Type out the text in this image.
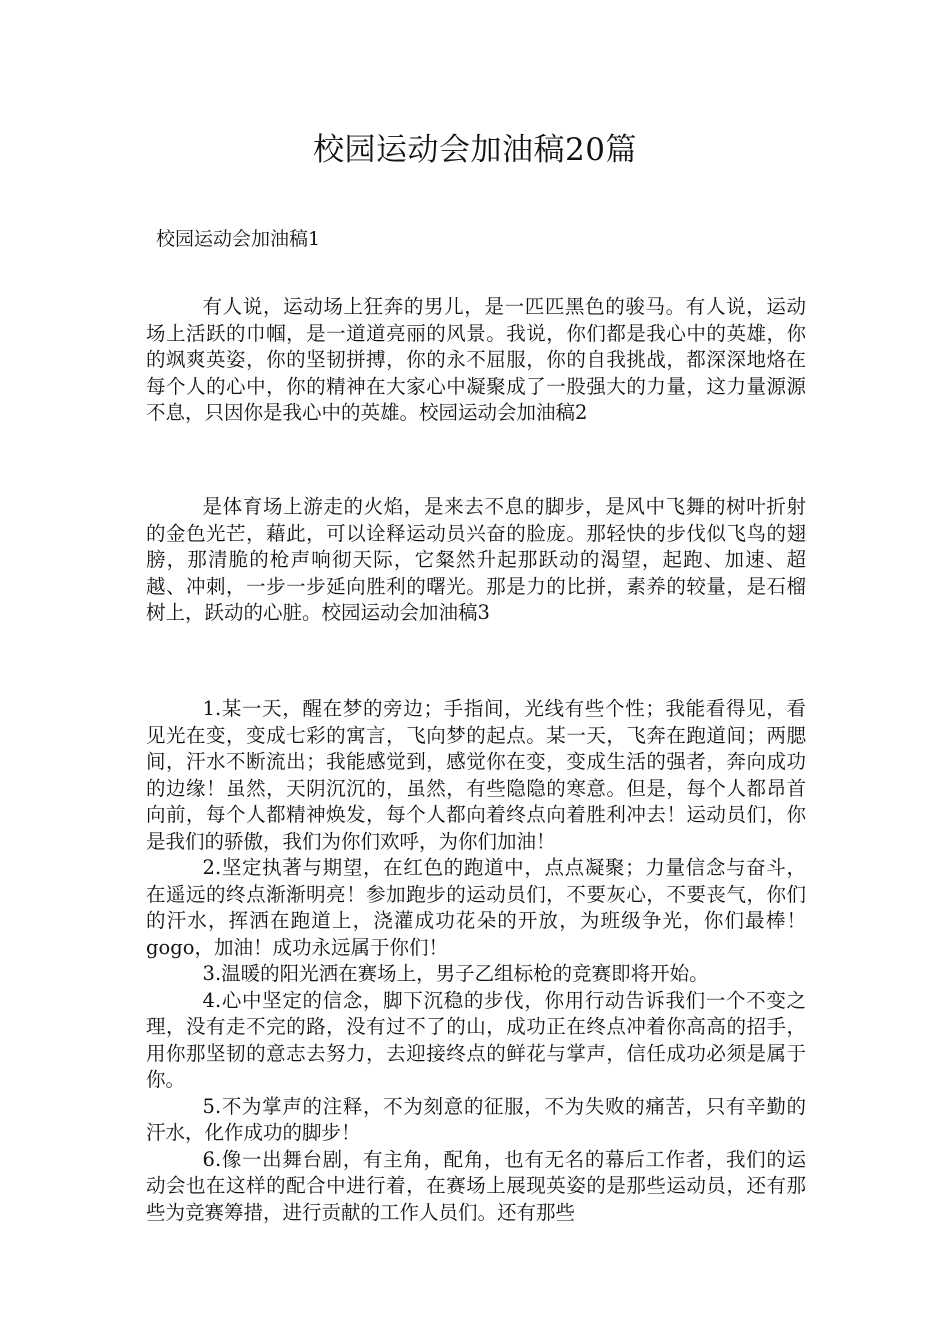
校园运动会加油稿20篇
校园运动会加油稿1

有人说，运动场上狂奔的男儿，是一匹匹黑色的骏马。有人说，运动场上活跃的巾帼，是一道道亮丽的风景。我说，你们都是我心中的英雄，你的飒爽英姿，你的坚韧拼搏，你的永不屈服，你的自我挑战，都深深地烙在每个人的心中，你的精神在大家心中凝聚成了一股强大的力量，这力量源源不息，只因你是我心中的英雄。校园运动会加油稿2

是体育场上游走的火焰，是来去不息的脚步，是风中飞舞的树叶折射的金色光芒，藉此，可以诠释运动员兴奋的脸庞。那轻快的步伐似飞鸟的翅膀，那清脆的枪声响彻天际，它粲然升起那跃动的渴望，起跑、加速、超越、冲刺，一步一步延向胜利的曙光。那是力的比拼，素养的较量，是石榴树上，跃动的心脏。校园运动会加油稿3

1.某一天，醒在梦的旁边；手指间，光线有些个性；我能看得见，看见光在变，变成七彩的寓言，飞向梦的起点。某一天，飞奔在跑道间；两腮间，汗水不断流出；我能感觉到，感觉你在变，变成生活的强者，奔向成功的边缘！虽然，天阴沉沉的，虽然，有些隐隐的寒意。但是，每个人都昂首向前，每个人都精神焕发，每个人都向着终点向着胜利冲去！运动员们，你是我们的骄傲，我们为你们欢呼，为你们加油！

2.坚定执著与期望，在红色的跑道中，点点凝聚；力量信念与奋斗，在遥远的终点渐渐明亮！参加跑步的运动员们，不要灰心，不要丧气，你们的汗水，挥洒在跑道上，浇灌成功花朵的开放，为班级争光，你们最棒！gogo，加油！成功永远属于你们！

3.温暖的阳光洒在赛场上，男子乙组标枪的竞赛即将开始。

4.心中坚定的信念，脚下沉稳的步伐，你用行动告诉我们一个不变之理，没有走不完的路，没有过不了的山，成功正在终点冲着你高高的招手，用你那坚韧的意志去努力，去迎接终点的鲜花与掌声，信任成功必须是属于你。

5.不为掌声的注释，不为刻意的征服，不为失败的痛苦，只有辛勤的汗水，化作成功的脚步！

6.像一出舞台剧，有主角，配角，也有无名的幕后工作者，我们的运动会也在这样的配合中进行着，在赛场上展现英姿的是那些运动员，还有那些为竞赛筹措，进行贡献的工作人员们。还有那些
